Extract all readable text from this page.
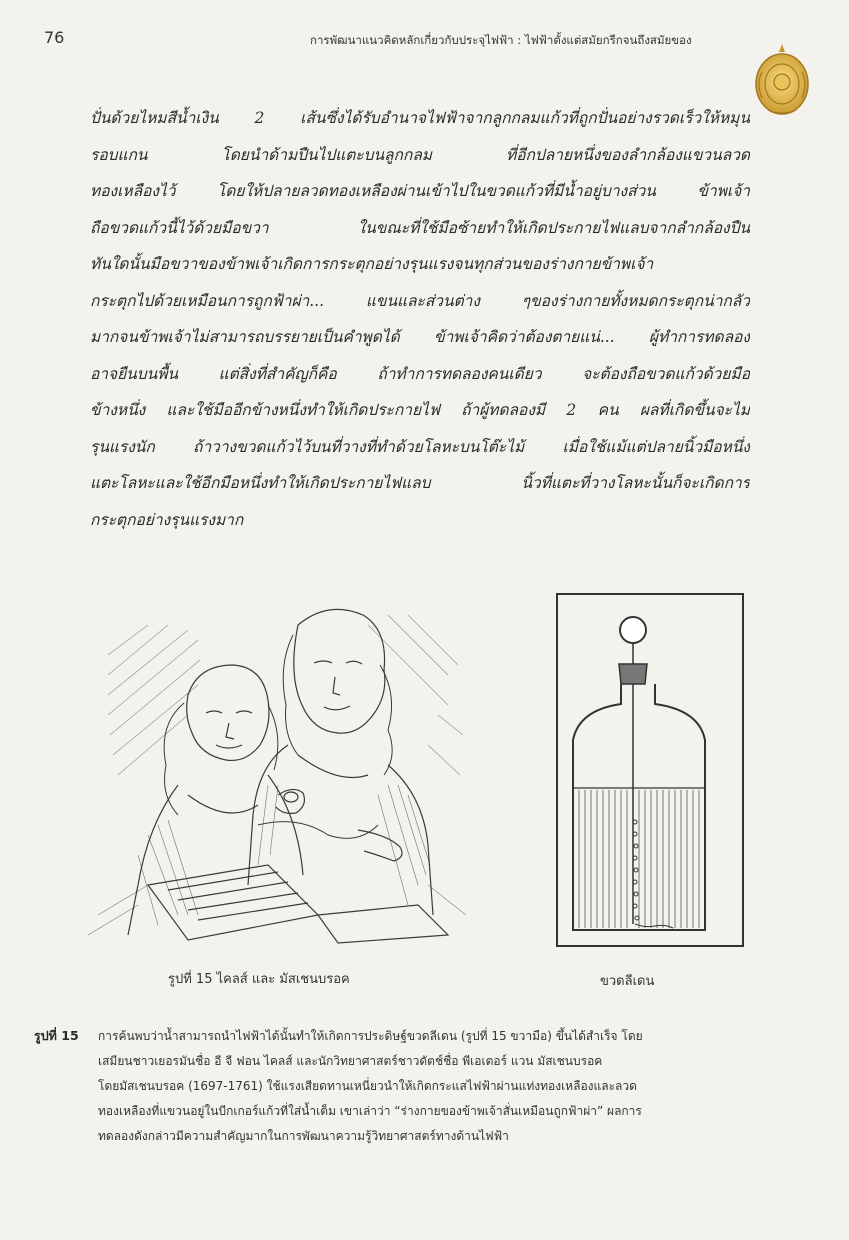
76	การพัฒนาแนวคิดหลักเกี่ยวกับประจุไฟฟ้า : ไฟฟ้าตั้งแต่สมัยกรีกจนถึงสมัยของ

ปั่นด้วยไหมสีน้ำเงิน 2 เส้นซึ่งได้รับอำนาจไฟฟ้าจากลูกกลมแก้วที่ถูกปั่นอย่างรวดเร็วให้หมุน

รอบแกน โดยนำด้ามปืนไปแตะบนลูกกลม ที่อีกปลายหนึ่งของลำกล้องแขวนลวด

ทองเหลืองไว้ โดยให้ปลายลวดทองเหลืองผ่านเข้าไปในขวดแก้วที่มีน้ำอยู่บางส่วน ข้าพเจ้า

ถือขวดแก้วนี้ไว้ด้วยมือขวา ในขณะที่ใช้มือซ้ายทำให้เกิดประกายไฟแลบจากลำกล้องปืน

ทันใดนั้นมือขวาของข้าพเจ้าเกิดการกระตุกอย่างรุนแรงจนทุกส่วนของร่างกายข้าพเจ้า

กระตุกไปด้วยเหมือนการถูกฟ้าผ่า... แขนและส่วนต่าง ๆของร่างกายทั้งหมดกระตุกน่ากลัว

มากจนข้าพเจ้าไม่สามารถบรรยายเป็นคำพูดได้ ข้าพเจ้าคิดว่าต้องตายแน่... ผู้ทำการทดลอง

อาจยืนบนพื้น แต่สิ่งที่สำคัญก็คือ ถ้าทำการทดลองคนเดียว จะต้องถือขวดแก้วด้วยมือ

ข้างหนึ่ง และใช้มืออีกข้างหนึ่งทำให้เกิดประกายไฟ ถ้าผู้ทดลองมี 2 คน ผลที่เกิดขึ้นจะไม่

รุนแรงนัก ถ้าวางขวดแก้วไว้บนที่วางที่ทำด้วยโลหะบนโต๊ะไม้ เมื่อใช้แม้แต่ปลายนิ้วมือหนึ่ง

แตะโลหะและใช้อีกมือหนึ่งทำให้เกิดประกายไฟแลบ นิ้วที่แตะที่วางโลหะนั้นก็จะเกิดการ

กระตุกอย่างรุนแรงมาก

รูปที่ 15 ไคลส์ และ มัสเชนบรอค	ขวดลีเดน
รูปที่ 15 การค้นพบว่าน้ำสามารถนำไฟฟ้าได้นั้นทำให้เกิดการประดิษฐ์ขวดลีเดน (รูปที่ 15 ขวามือ) ขึ้นได้สำเร็จ โดย

เสมียนชาวเยอรมันชื่อ อี จี ฟอน ไคลส์ และนักวิทยาศาสตร์ชาวดัตช์ชื่อ พีเอเตอร์ แวน มัสเชนบรอค

โดยมัสเชนบรอค (1697-1761) ใช้แรงเสียดทานเหนี่ยวนำให้เกิดกระแสไฟฟ้าผ่านแท่งทองเหลืองและลวด

ทองเหลืองที่แขวนอยู่ในบีกเกอร์แก้วที่ใส่น้ำเต็ม เขาเล่าว่า “ร่างกายของข้าพเจ้าสั่นเหมือนถูกฟ้าผ่า” ผลการ

ทดลองดังกล่าวมีความสำคัญมากในการพัฒนาความรู้วิทยาศาสตร์ทางด้านไฟฟ้า
